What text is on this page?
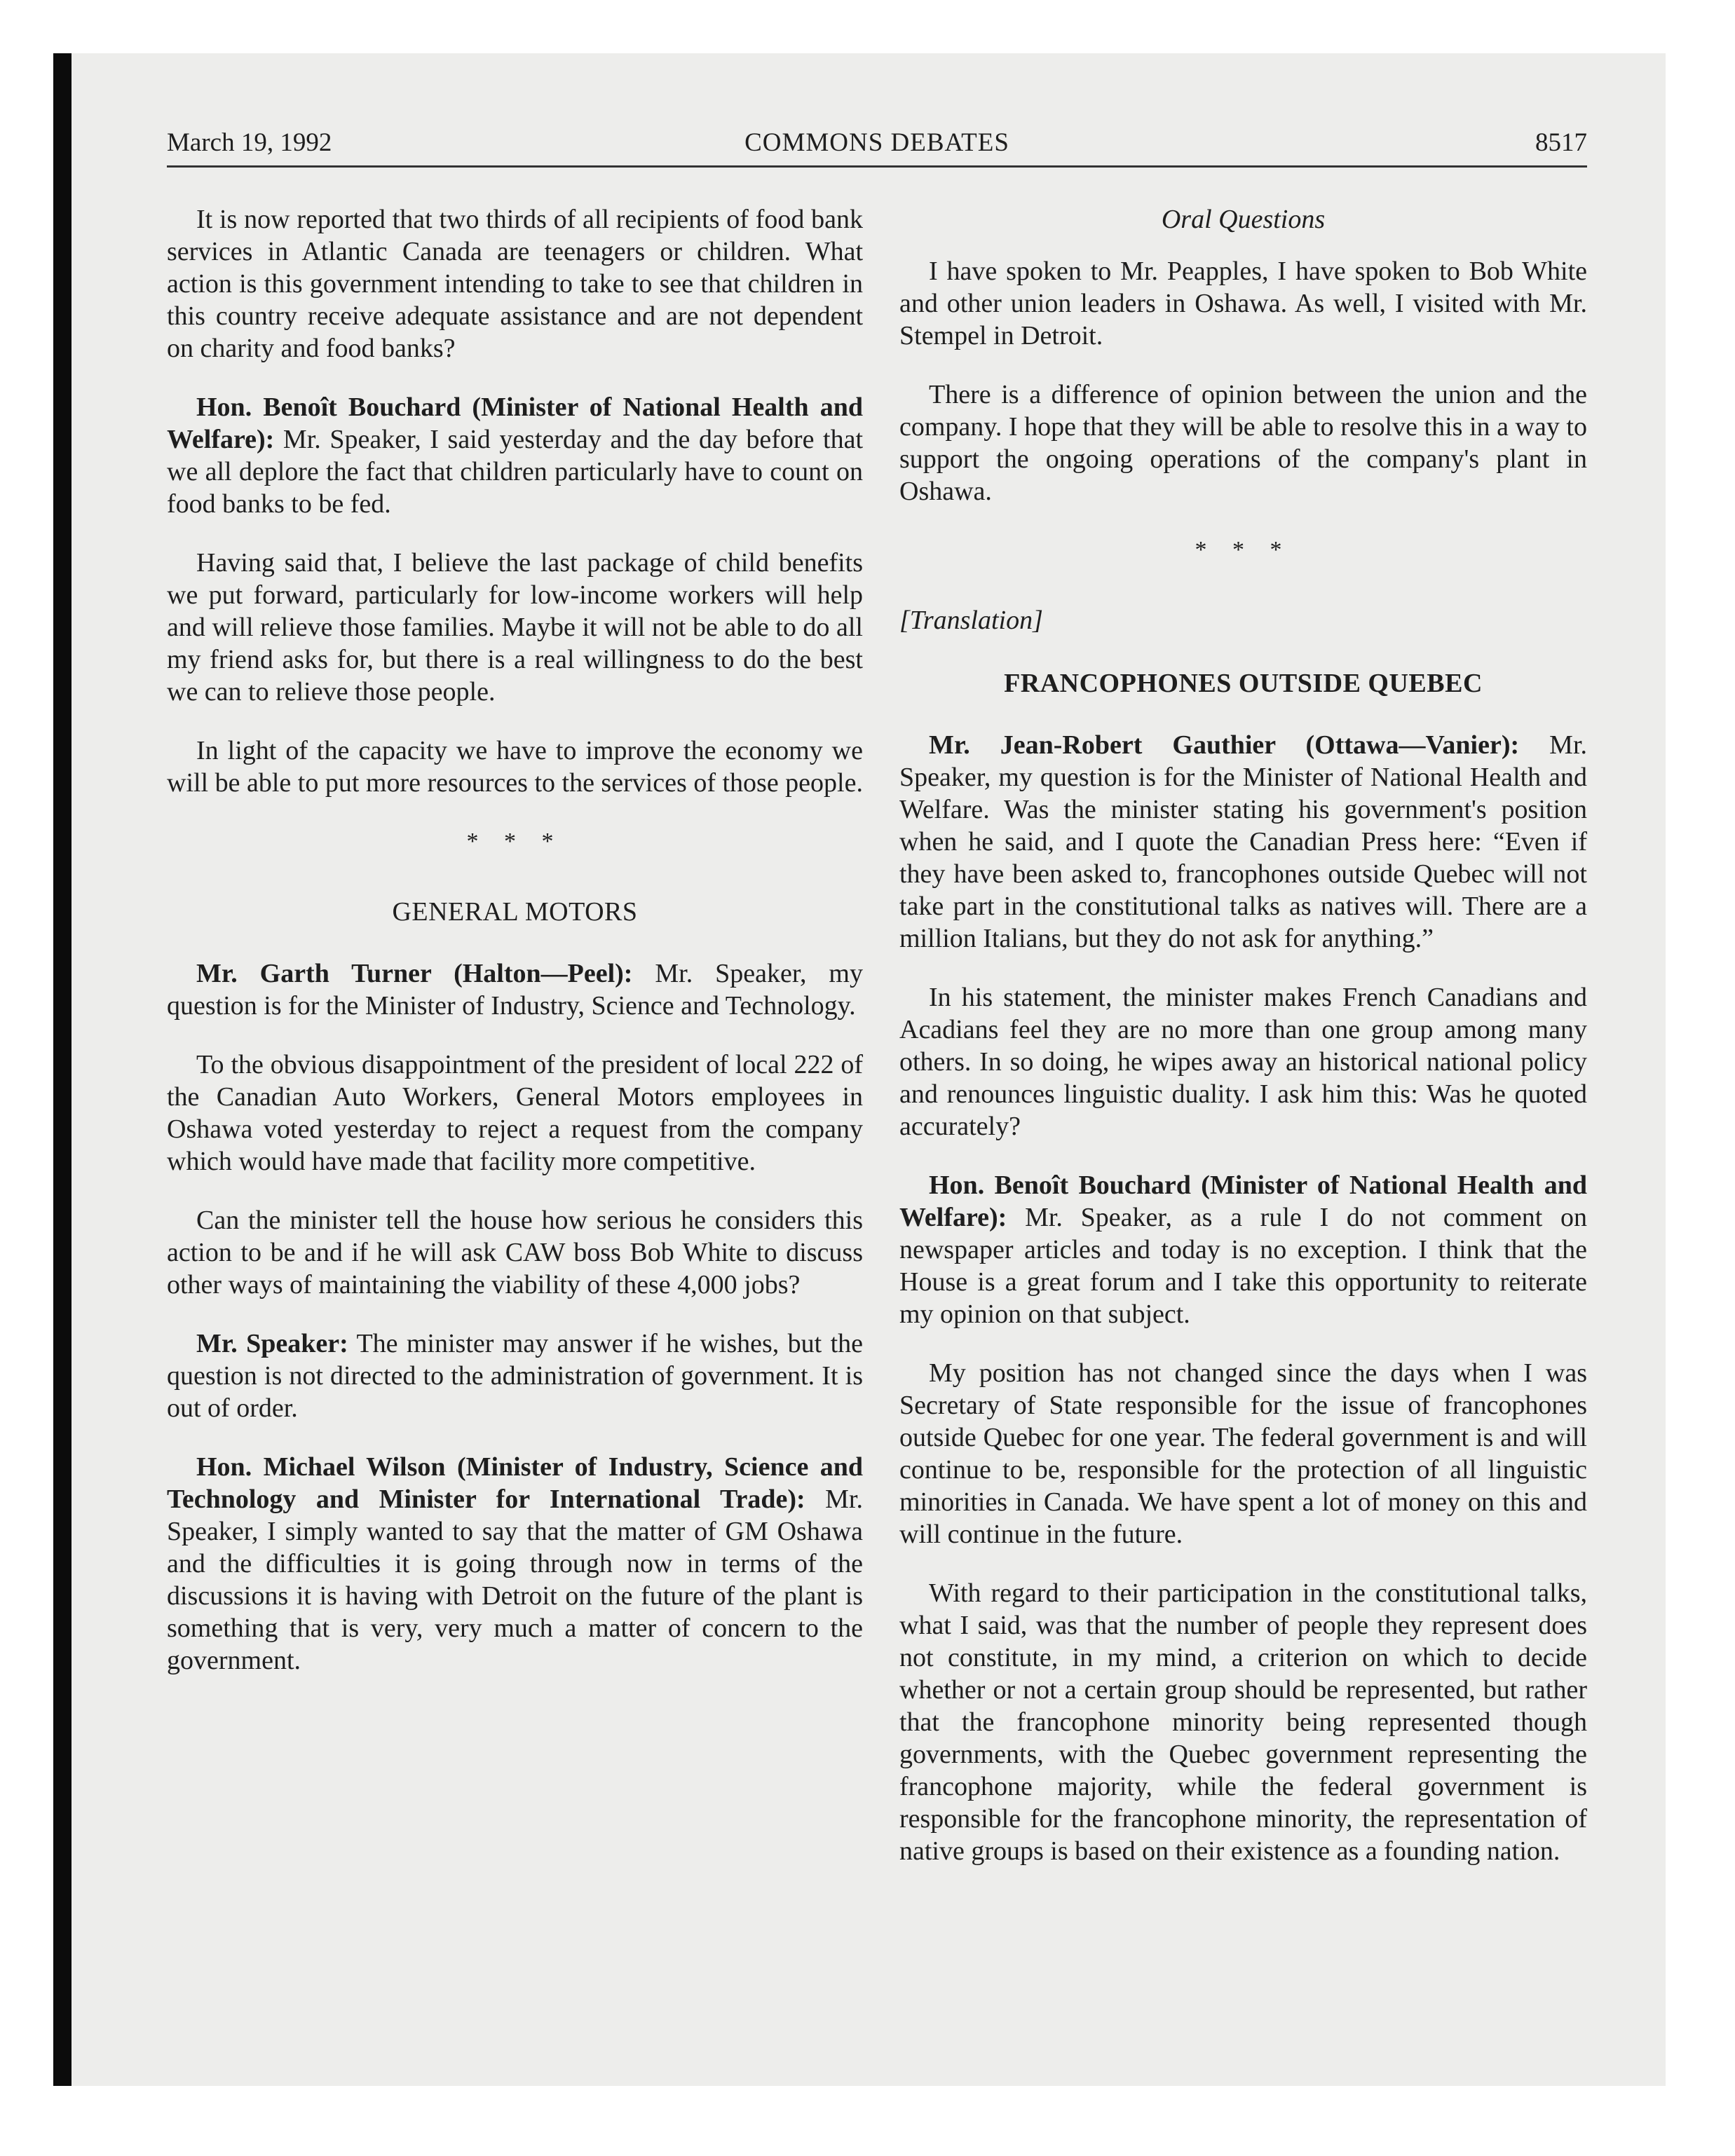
March 19, 1992	COMMONS DEBATES	8517

It is now reported that two thirds of all recipients of food bank services in Atlantic Canada are teenagers or children. What action is this government intending to take to see that children in this country receive adequate assistance and are not dependent on charity and food banks?

Hon. Benoît Bouchard (Minister of National Health and Welfare): Mr. Speaker, I said yesterday and the day before that we all deplore the fact that children particularly have to count on food banks to be fed.

Having said that, I believe the last package of child benefits we put forward, particularly for low-income workers will help and will relieve those families. Maybe it will not be able to do all my friend asks for, but there is a real willingness to do the best we can to relieve those people.

In light of the capacity we have to improve the economy we will be able to put more resources to the services of those people.

* * *
GENERAL MOTORS

Mr. Garth Turner (Halton—Peel): Mr. Speaker, my question is for the Minister of Industry, Science and Technology.

To the obvious disappointment of the president of local 222 of the Canadian Auto Workers, General Motors employees in Oshawa voted yesterday to reject a request from the company which would have made that facility more competitive.

Can the minister tell the house how serious he considers this action to be and if he will ask CAW boss Bob White to discuss other ways of maintaining the viability of these 4,000 jobs?

Mr. Speaker: The minister may answer if he wishes, but the question is not directed to the administration of government. It is out of order.

Hon. Michael Wilson (Minister of Industry, Science and Technology and Minister for International Trade): Mr. Speaker, I simply wanted to say that the matter of GM Oshawa and the difficulties it is going through now in terms of the discussions it is having with Detroit on the future of the plant is something that is very, very much a matter of concern to the government.

Oral Questions

I have spoken to Mr. Peapples, I have spoken to Bob White and other union leaders in Oshawa. As well, I visited with Mr. Stempel in Detroit.

There is a difference of opinion between the union and the company. I hope that they will be able to resolve this in a way to support the ongoing operations of the company's plant in Oshawa.

* * *
[Translation]
FRANCOPHONES OUTSIDE QUEBEC

Mr. Jean-Robert Gauthier (Ottawa—Vanier): Mr. Speaker, my question is for the Minister of National Health and Welfare. Was the minister stating his government's position when he said, and I quote the Canadian Press here: “Even if they have been asked to, francophones outside Quebec will not take part in the constitutional talks as natives will. There are a million Italians, but they do not ask for anything.”

In his statement, the minister makes French Canadians and Acadians feel they are no more than one group among many others. In so doing, he wipes away an historical national policy and renounces linguistic duality. I ask him this: Was he quoted accurately?

Hon. Benoît Bouchard (Minister of National Health and Welfare): Mr. Speaker, as a rule I do not comment on newspaper articles and today is no exception. I think that the House is a great forum and I take this opportunity to reiterate my opinion on that subject.

My position has not changed since the days when I was Secretary of State responsible for the issue of francophones outside Quebec for one year. The federal government is and will continue to be, responsible for the protection of all linguistic minorities in Canada. We have spent a lot of money on this and will continue in the future.

With regard to their participation in the constitutional talks, what I said, was that the number of people they represent does not constitute, in my mind, a criterion on which to decide whether or not a certain group should be represented, but rather that the francophone minority being represented though governments, with the Quebec government representing the francophone majority, while the federal government is responsible for the francophone minority, the representation of native groups is based on their existence as a founding nation.
